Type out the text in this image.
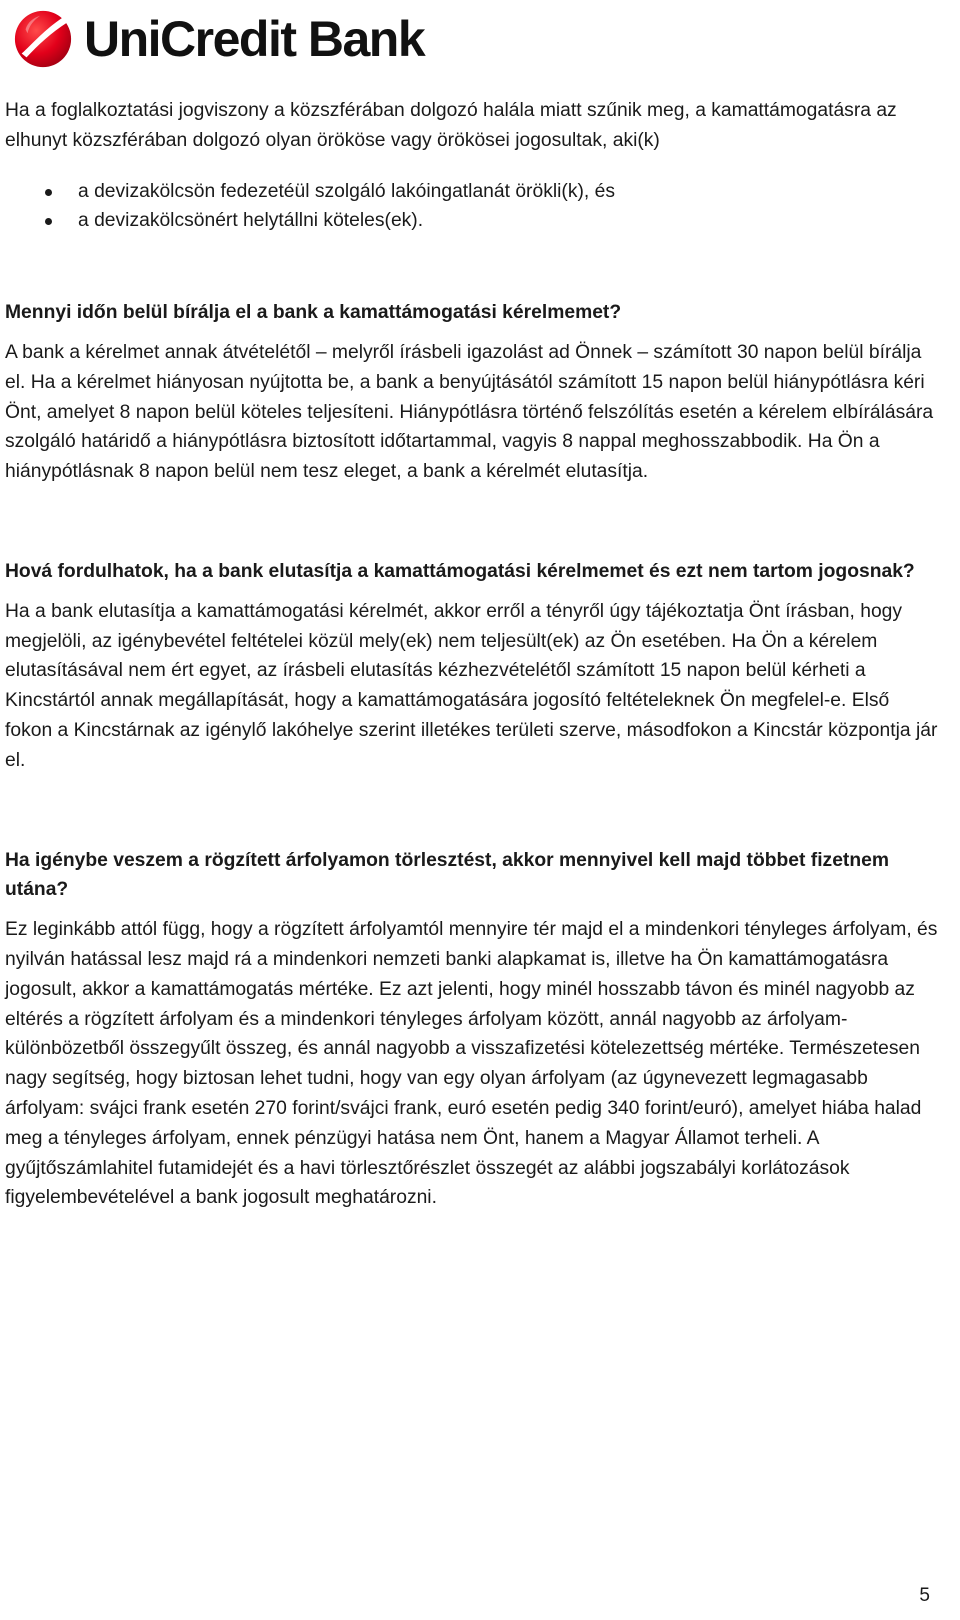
UniCredit Bank

Ha a foglalkoztatási jogviszony a közszférában dolgozó halála miatt szűnik meg, a kamattámogatásra az elhunyt közszférában dolgozó olyan örököse vagy örökösei jogosultak, aki(k)

a devizakölcsön fedezetéül szolgáló lakóingatlanát örökli(k), és
a devizakölcsönért helytállni köteles(ek).
Mennyi időn belül bírálja el a bank a kamattámogatási kérelmemet?

A bank a kérelmet annak átvételétől – melyről írásbeli igazolást ad Önnek – számított 30 napon belül bírálja el. Ha a kérelmet hiányosan nyújtotta be, a bank a benyújtásától számított 15 napon belül hiánypótlásra kéri Önt, amelyet 8 napon belül köteles teljesíteni. Hiánypótlásra történő felszólítás esetén a kérelem elbírálására szolgáló határidő a hiánypótlásra biztosított időtartammal, vagyis 8 nappal meghosszabbodik. Ha Ön a hiánypótlásnak 8 napon belül nem tesz eleget, a bank a kérelmét elutasítja.

Hová fordulhatok, ha a bank elutasítja a kamattámogatási kérelmemet és ezt nem tartom jogosnak?

Ha a bank elutasítja a kamattámogatási kérelmét, akkor erről a tényről úgy tájékoztatja Önt írásban, hogy megjelöli, az igénybevétel feltételei közül mely(ek) nem teljesült(ek) az Ön esetében. Ha Ön a kérelem elutasításával nem ért egyet, az írásbeli elutasítás kézhezvételétől számított 15 napon belül kérheti a Kincstártól annak megállapítását, hogy a kamattámogatására jogosító feltételeknek Ön megfelel-e. Első fokon a Kincstárnak az igénylő lakóhelye szerint illetékes területi szerve, másodfokon a Kincstár központja jár el.

Ha igénybe veszem a rögzített árfolyamon törlesztést, akkor mennyivel kell majd többet fizetnem utána?

Ez leginkább attól függ, hogy a rögzített árfolyamtól mennyire tér majd el a mindenkori tényleges árfolyam, és nyilván hatással lesz majd rá a mindenkori nemzeti banki alapkamat is, illetve ha Ön kamattámogatásra jogosult, akkor a kamattámogatás mértéke. Ez azt jelenti, hogy minél hosszabb távon és minél nagyobb az eltérés a rögzített árfolyam és a mindenkori tényleges árfolyam között, annál nagyobb az árfolyam-különbözetből összegyűlt összeg, és annál nagyobb a visszafizetési kötelezettség mértéke. Természetesen nagy segítség, hogy biztosan lehet tudni, hogy van egy olyan árfolyam (az úgynevezett legmagasabb árfolyam: svájci frank esetén 270 forint/svájci frank, euró esetén pedig 340 forint/euró), amelyet hiába halad meg a tényleges árfolyam, ennek pénzügyi hatása nem Önt, hanem a Magyar Államot terheli. A gyűjtőszámlahitel futamidejét és a havi törlesztőrészlet összegét az alábbi jogszabályi korlátozások figyelembevételével a bank jogosult meghatározni.

5
